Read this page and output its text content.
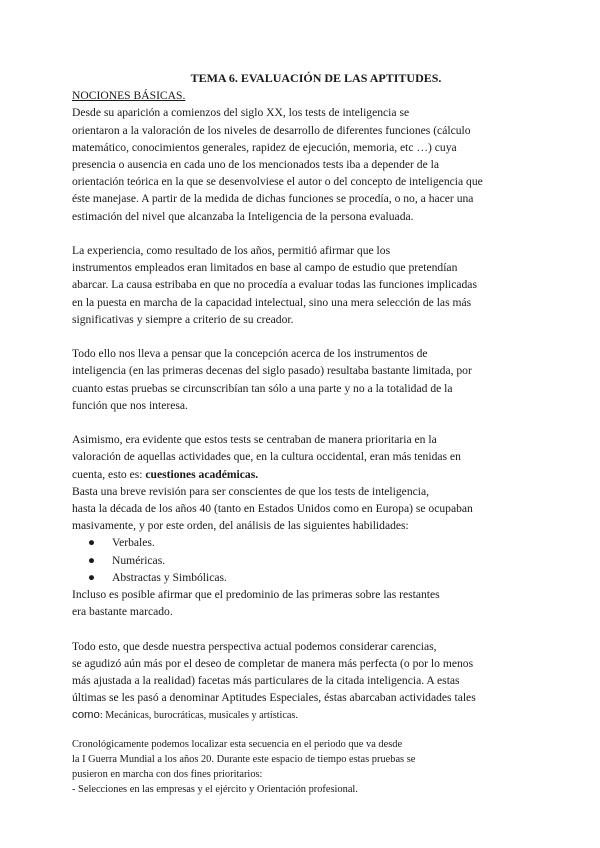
TEMA 6. EVALUACIÓN DE LAS APTITUDES.

NOCIONES BÁSICAS.

Desde su aparición a comienzos del siglo XX, los tests de inteligencia se

orientaron a la valoración de los niveles de desarrollo de diferentes funciones (cálculo

matemático, conocimientos generales, rapidez de ejecución, memoria, etc …) cuya

presencia o ausencia en cada uno de los mencionados tests iba a depender de la

orientación teórica en la que se desenvolviese el autor o del concepto de inteligencia que

éste manejase. A partir de la medida de dichas funciones se procedía, o no, a hacer una

estimación del nivel que alcanzaba la Inteligencia de la persona evaluada.

La experiencia, como resultado de los años, permitió afirmar que los

instrumentos empleados eran limitados en base al campo de estudio que pretendían

abarcar. La causa estribaba en que no procedía a evaluar todas las funciones implicadas

en la puesta en marcha de la capacidad intelectual, sino una mera selección de las más

significativas y siempre a criterio de su creador.

Todo ello nos lleva a pensar que la concepción acerca de los instrumentos de

inteligencia (en las primeras decenas del siglo pasado) resultaba bastante limitada, por

cuanto estas pruebas se circunscribían tan sólo a una parte y no a la totalidad de la

función que nos interesa.

Asimismo, era evidente que estos tests se centraban de manera prioritaria en la

valoración de aquellas actividades que, en la cultura occidental, eran más tenidas en

cuenta, esto es: cuestiones académicas.

Basta una breve revisión para ser conscientes de que los tests de inteligencia,

hasta la década de los años 40 (tanto en Estados Unidos como en Europa) se ocupaban

masivamente, y por este orden, del análisis de las siguientes habilidades:

● Verbales.
● Numéricas.
● Abstractas y Simbólicas.

Incluso es posible afirmar que el predominio de las primeras sobre las restantes

era bastante marcado.

Todo esto, que desde nuestra perspectiva actual podemos considerar carencias,

se agudizó aún más por el deseo de completar de manera más perfecta (o por lo menos

más ajustada a la realidad) facetas más particulares de la citada inteligencia. A estas

últimas se les pasó a denominar Aptitudes Especiales, éstas abarcaban actividades tales

como: Mecánicas, burocráticas, musicales y artísticas.

Cronológicamente podemos localizar esta secuencia en el periodo que va desde

la I Guerra Mundial a los años 20. Durante este espacio de tiempo estas pruebas se

pusieron en marcha con dos fines prioritarios:

- Selecciones en las empresas y el ejército y Orientación profesional.
